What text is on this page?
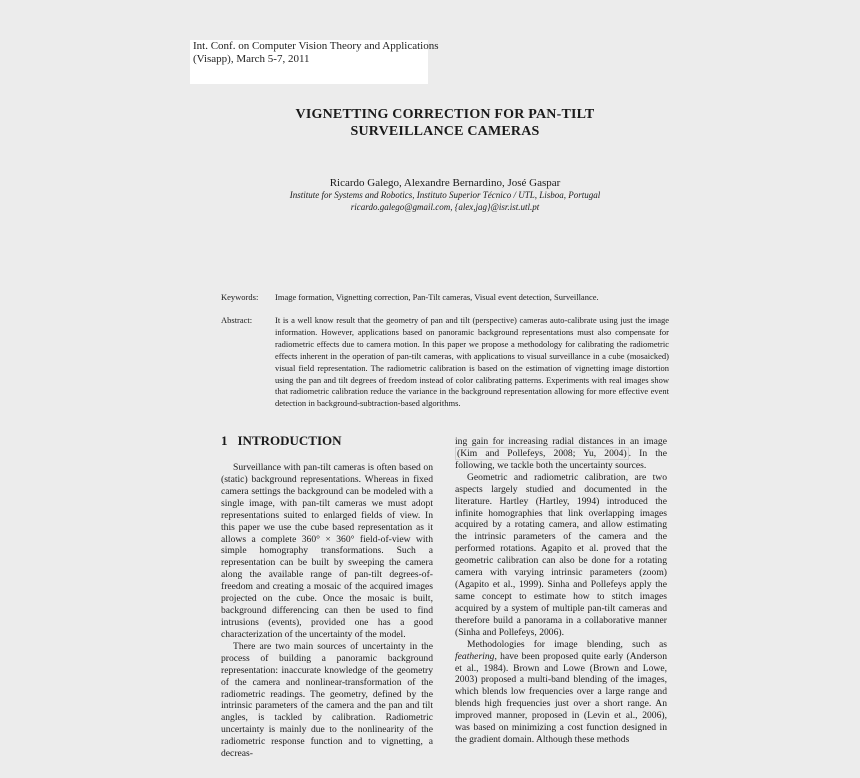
Int. Conf. on Computer Vision Theory and Applications
(Visapp), March 5-7, 2011
VIGNETTING CORRECTION FOR PAN-TILT
SURVEILLANCE CAMERAS
Ricardo Galego, Alexandre Bernardino, José Gaspar
Institute for Systems and Robotics, Instituto Superior Técnico / UTL, Lisboa, Portugal
ricardo.galego@gmail.com, {alex,jag}@isr.ist.utl.pt
Keywords: Image formation, Vignetting correction, Pan-Tilt cameras, Visual event detection, Surveillance.
Abstract:	It is a well know result that the geometry of pan and tilt (perspective) cameras auto-calibrate using just the image information. However, applications based on panoramic background representations must also compensate for radiometric effects due to camera motion. In this paper we propose a methodology for calibrating the radiometric effects inherent in the operation of pan-tilt cameras, with applications to visual surveillance in a cube (mosaicked) visual field representation. The radiometric calibration is based on the estimation of vignetting image distortion using the pan and tilt degrees of freedom instead of color calibrating patterns. Experiments with real images show that radiometric calibration reduce the variance in the background representation allowing for more effective event detection in background-subtraction-based algorithms.
1 INTRODUCTION

Surveillance with pan-tilt cameras is often based on (static) background representations. Whereas in fixed camera settings the background can be modeled with a single image, with pan-tilt cameras we must adopt representations suited to enlarged fields of view. In this paper we use the cube based representation as it allows a complete 360° × 360° field-of-view with simple homography transformations. Such a representation can be built by sweeping the camera along the available range of pan-tilt degrees-of-freedom and creating a mosaic of the acquired images projected on the cube. Once the mosaic is built, background differencing can then be used to find intrusions (events), provided one has a good characterization of the uncertainty of the model.

There are two main sources of uncertainty in the process of building a panoramic background representation: inaccurate knowledge of the geometry of the camera and nonlinear-transformation of the radiometric readings. The geometry, defined by the intrinsic parameters of the camera and the pan and tilt angles, is tackled by calibration. Radiometric uncertainty is mainly due to the nonlinearity of the radiometric response function and to vignetting, a decreas-

ing gain for increasing radial distances in an image (Kim and Pollefeys, 2008; Yu, 2004) . In the following, we tackle both the uncertainty sources.

Geometric and radiometric calibration, are two aspects largely studied and documented in the literature. Hartley (Hartley, 1994) introduced the infinite homographies that link overlapping images acquired by a rotating camera, and allow estimating the intrinsic parameters of the camera and the performed rotations. Agapito et al. proved that the geometric calibration can also be done for a rotating camera with varying intrinsic parameters (zoom) (Agapito et al., 1999). Sinha and Pollefeys apply the same concept to estimate how to stitch images acquired by a system of multiple pan-tilt cameras and therefore build a panorama in a collaborative manner (Sinha and Pollefeys, 2006).

Methodologies for image blending, such as feathering, have been proposed quite early (Anderson et al., 1984). Brown and Lowe (Brown and Lowe, 2003) proposed a multi-band blending of the images, which blends low frequencies over a large range and blends high frequencies just over a short range. An improved manner, proposed in (Levin et al., 2006), was based on minimizing a cost function designed in the gradient domain. Although these methods
